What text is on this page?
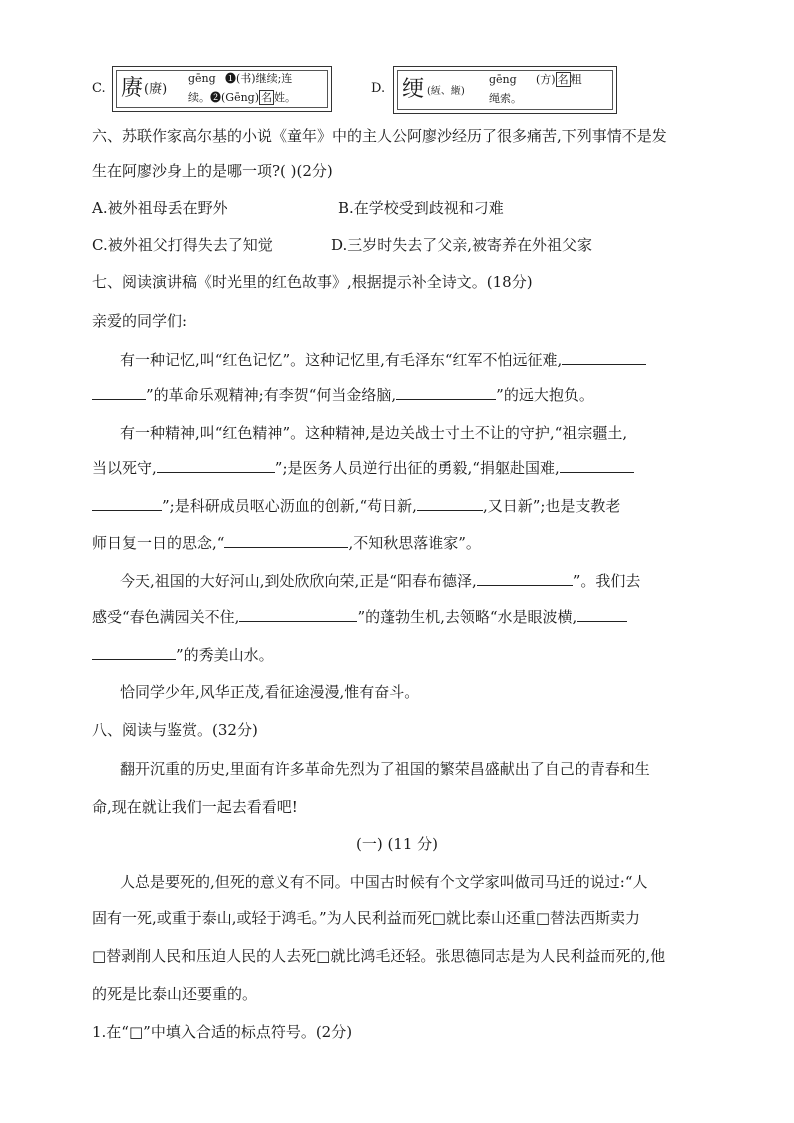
C. 赓 (赓)
gēng ❶(书)继续;连
续。❷(Gēng) 名 姓。
D. 绠 (絚、緪)
gēng (方) 名 粗
绳索。
六、苏联作家高尔基的小说《童年》中的主人公阿廖沙经历了很多痛苦,下列事情不是发
生在阿廖沙身上的是哪一项?( )(2分)
A.被外祖母丢在野外	B.在学校受到歧视和刁难
C.被外祖父打得失去了知觉	D.三岁时失去了父亲,被寄养在外祖父家
七、阅读演讲稿《时光里的红色故事》,根据提示补全诗文。(18分)
亲爱的同学们:
有一种记忆,叫“红色记忆”。这种记忆里,有毛泽东“红军不怕远征难,
”的革命乐观精神;有李贺“何当金络脑,	”的远大抱负。
有一种精神,叫“红色精神”。这种精神,是边关战士寸土不让的守护,“祖宗疆土,
当以死守,	”;是医务人员逆行出征的勇毅,“捐躯赴国难,
”;是科研成员呕心沥血的创新,“苟日新,	,又日新”;也是支教老
师日复一日的思念,“	,不知秋思落谁家”。
今天,祖国的大好河山,到处欣欣向荣,正是“阳春布德泽,	”。我们去
感受“春色满园关不住,	”的蓬勃生机,去领略“水是眼波横,
”的秀美山水。
恰同学少年,风华正茂,看征途漫漫,惟有奋斗。
八、阅读与鉴赏。(32分)
翻开沉重的历史,里面有许多革命先烈为了祖国的繁荣昌盛献出了自己的青春和生
命,现在就让我们一起去看看吧!
(一) (11 分)
人总是要死的,但死的意义有不同。中国古时候有个文学家叫做司马迁的说过:“人
固有一死,或重于泰山,或轻于鸿毛。”为人民利益而死□就比泰山还重□替法西斯卖力
□替剥削人民和压迫人民的人去死□就比鸿毛还轻。张思德同志是为人民利益而死的,他
的死是比泰山还要重的。
1.在“□”中填入合适的标点符号。(2分)
